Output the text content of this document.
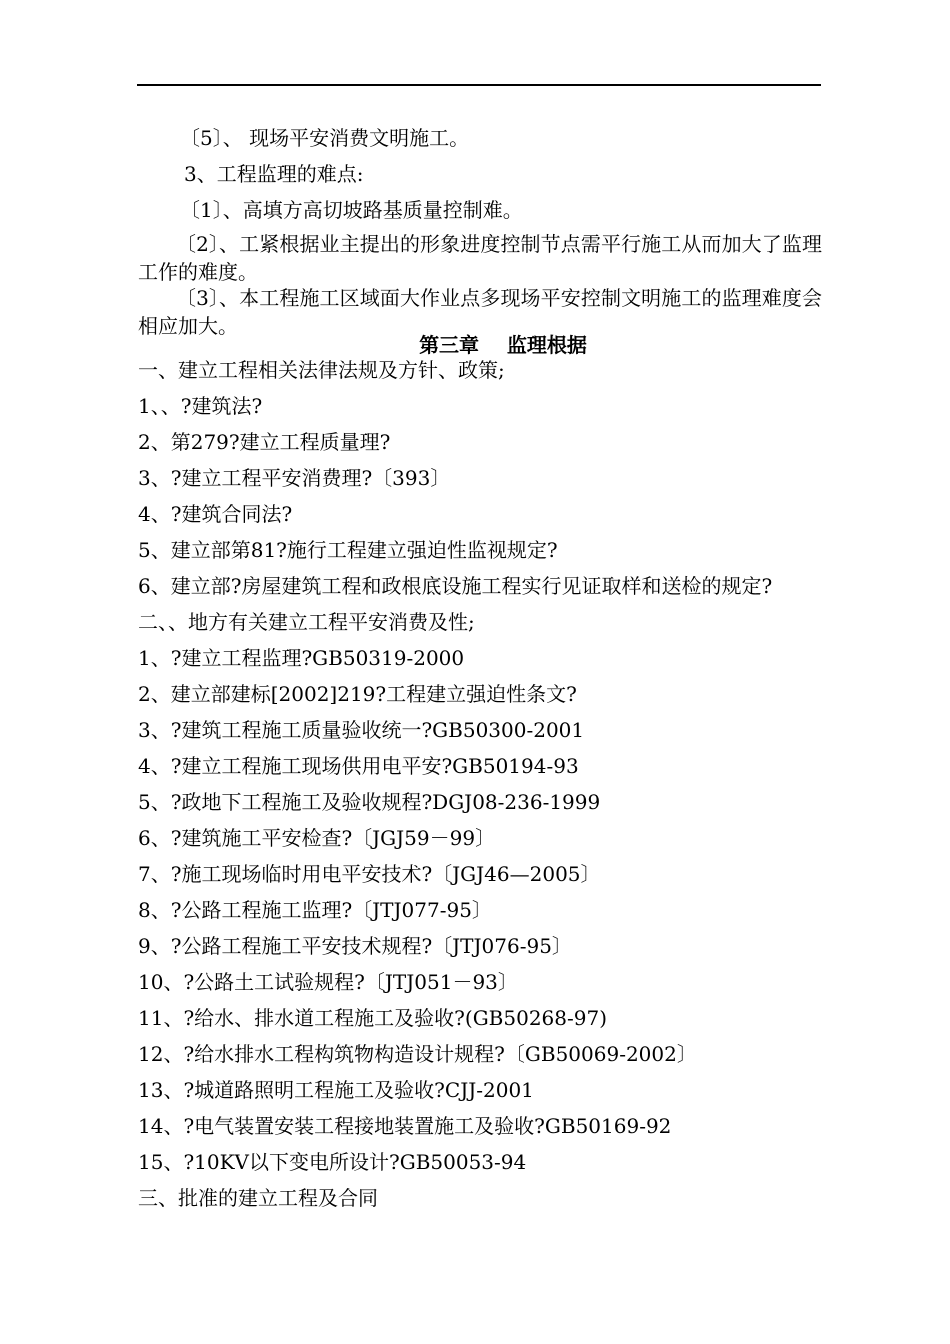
〔5〕、 现场平安消费文明施工。
3、工程监理的难点:
〔1〕、高填方高切坡路基质量控制难。
〔2〕、工紧根据业主提出的形象进度控制节点需平行施工从而加大了监理工作的难度。
〔3〕、本工程施工区域面大作业点多现场平安控制文明施工的监理难度会相应加大。
第三章    监理根据
一、建立工程相关法律法规及方针、政策;
1、、?建筑法?
2、第279?建立工程质量理?
3、?建立工程平安消费理?〔393〕
4、?建筑合同法?
5、建立部第81?施行工程建立强迫性监视规定?
6、建立部?房屋建筑工程和政根底设施工程实行见证取样和送检的规定?
二、、地方有关建立工程平安消费及性;
1、?建立工程监理?GB50319-2000
2、建立部建标[2002]219?工程建立强迫性条文?
3、?建筑工程施工质量验收统一?GB50300-2001
4、?建立工程施工现场供用电平安?GB50194-93
5、?政地下工程施工及验收规程?DGJ08-236-1999
6、?建筑施工平安检查?〔JGJ59－99〕
7、?施工现场临时用电平安技术?〔JGJ46—2005〕
8、?公路工程施工监理?〔JTJ077-95〕
9、?公路工程施工平安技术规程?〔JTJ076-95〕
10、?公路土工试验规程?〔JTJ051－93〕
11、?给水、排水道工程施工及验收?(GB50268-97)
12、?给水排水工程构筑物构造设计规程?〔GB50069-2002〕
13、?城道路照明工程施工及验收?CJJ-2001
14、?电气装置安装工程接地装置施工及验收?GB50169-92
15、?10KV以下变电所设计?GB50053-94
三、批准的建立工程及合同
